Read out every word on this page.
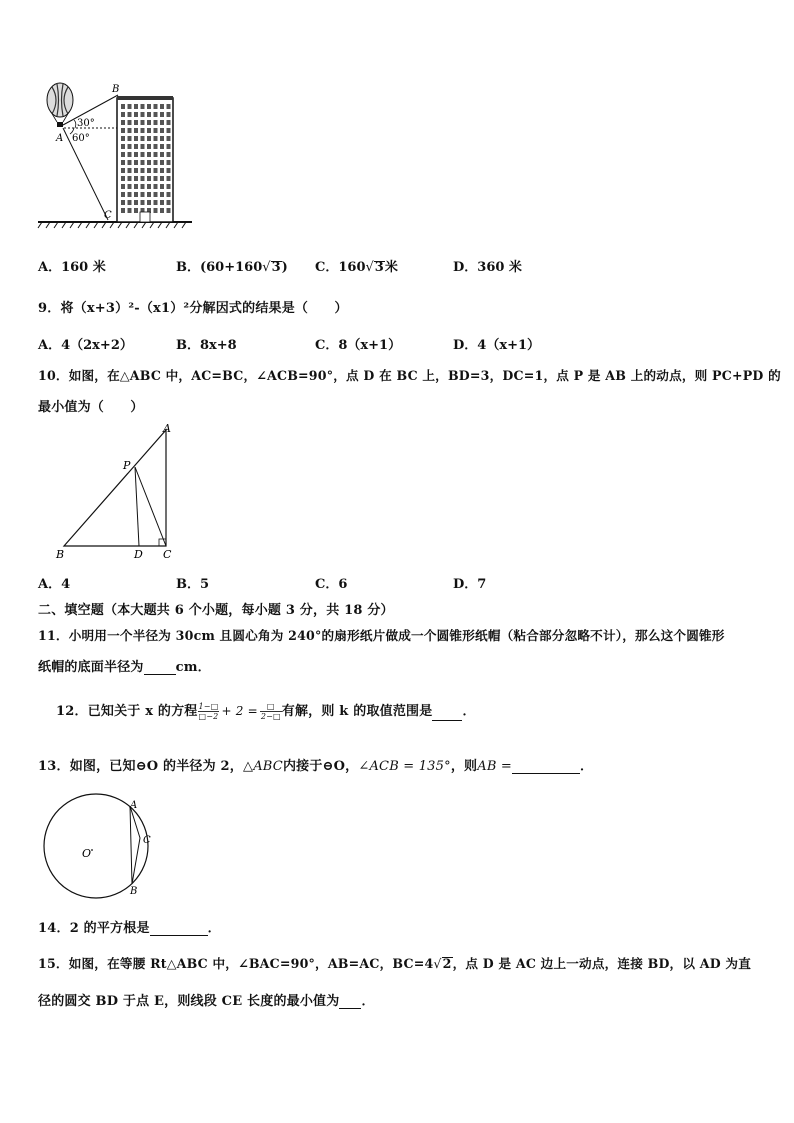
B
A
C
30°
60°
A．160 米	B．(60+160√3) C．160√3米	D．360 米
9．将（x+3）²-（x1）²分解因式的结果是（　　）
A．4（2x+2）	B．8x+8	C．8（x+1）	D．4（x+1）
10．如图，在△ABC 中，AC=BC，∠ACB=90°，点 D 在 BC 上，BD=3，DC=1，点 P 是 AB 上的动点，则 PC+PD 的
最小值为（　　）
A
P
B	D C
A．4	B．5	C．6	D．7
二、填空题（本大题共 6 个小题，每小题 3 分，共 18 分）
11．小明用一个半径为 30cm 且圆心角为 240°的扇形纸片做成一个圆锥形纸帽（粘合部分忽略不计），那么这个圆锥形
纸帽的底面半径为 cm．
12．已知关于 x 的方程 $\frac{1-□}{□-2} + 2 = \frac{□}{2-□}$ 有解，则 k 的取值范围是 ．
13．如图，已知⊖O 的半径为 2，△ABC内接于⊖O，∠ACB = 135°，则AB =	．
A
C
B
O
14．2 的平方根是	．
15．如图，在等腰 Rt△ABC 中，∠BAC=90°，AB=AC，BC=4√2，点 D 是 AC 边上一动点，连接 BD，以 AD 为直
径的圆交 BD 于点 E，则线段 CE 长度的最小值为 ．
